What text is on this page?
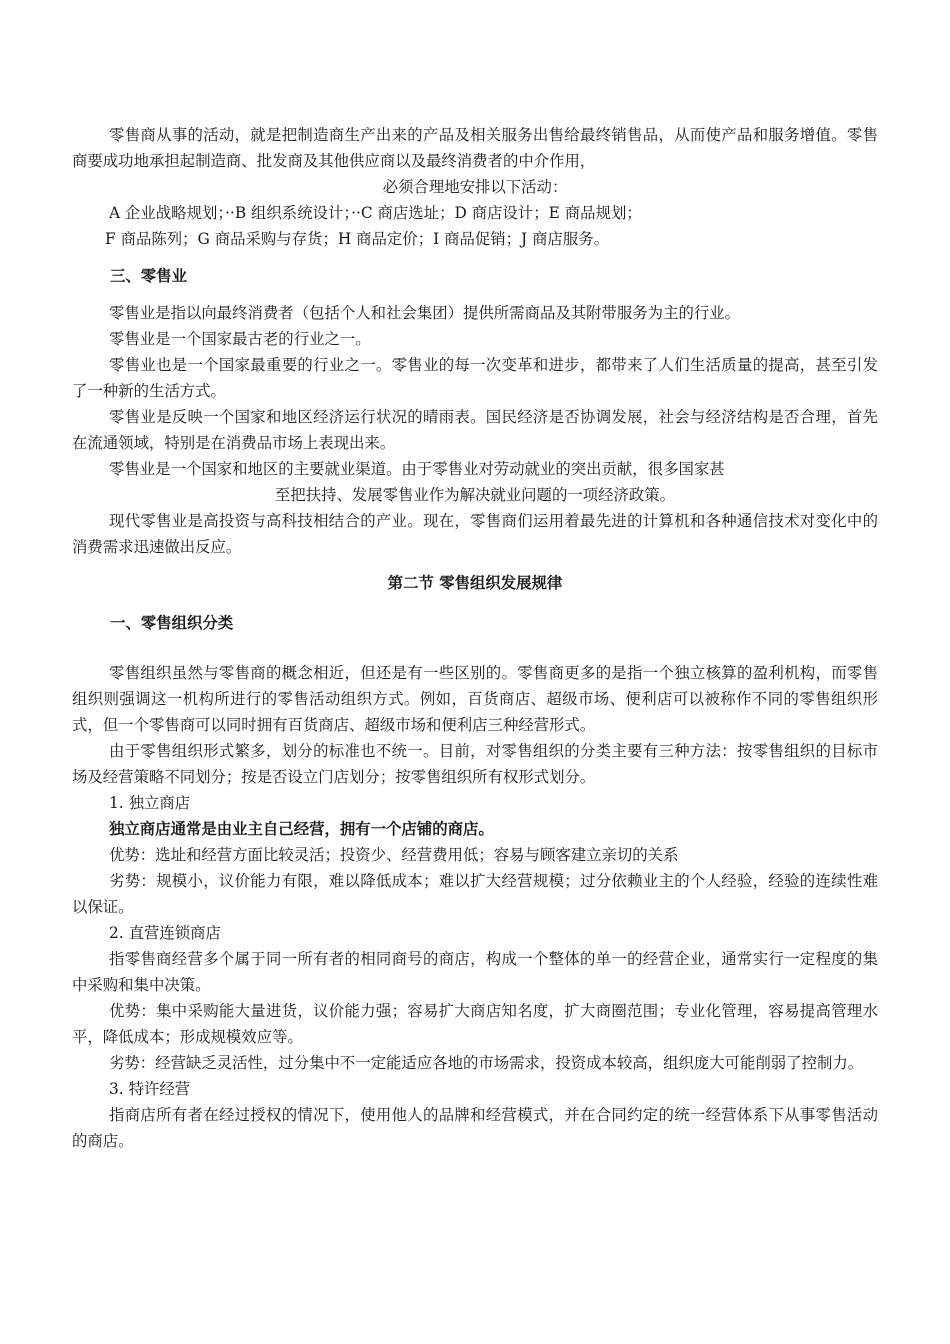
零售商从事的活动，就是把制造商生产出来的产品及相关服务出售给最终销售品，从而使产品和服务增值。零售商要成功地承担起制造商、批发商及其他供应商以及最终消费者的中介作用，

必须合理地安排以下活动：

A 企业战略规划；··B 组织系统设计；··C 商店选址；D 商店设计；E 商品规划；

F 商品陈列；G 商品采购与存货；H 商品定价；I 商品促销；J 商店服务。

三、零售业

零售业是指以向最终消费者（包括个人和社会集团）提供所需商品及其附带服务为主的行业。

零售业是一个国家最古老的行业之一。

零售业也是一个国家最重要的行业之一。零售业的每一次变革和进步，都带来了人们生活质量的提高，甚至引发了一种新的生活方式。

零售业是反映一个国家和地区经济运行状况的晴雨表。国民经济是否协调发展，社会与经济结构是否合理，首先在流通领域，特别是在消费品市场上表现出来。

零售业是一个国家和地区的主要就业渠道。由于零售业对劳动就业的突出贡献，很多国家甚

至把扶持、发展零售业作为解决就业问题的一项经济政策。

现代零售业是高投资与高科技相结合的产业。现在，零售商们运用着最先进的计算机和各种通信技术对变化中的消费需求迅速做出反应。

第二节 零售组织发展规律
一、零售组织分类

零售组织虽然与零售商的概念相近，但还是有一些区别的。零售商更多的是指一个独立核算的盈利机构，而零售组织则强调这一机构所进行的零售活动组织方式。例如，百货商店、超级市场、便利店可以被称作不同的零售组织形式，但一个零售商可以同时拥有百货商店、超级市场和便利店三种经营形式。

由于零售组织形式繁多，划分的标准也不统一。目前，对零售组织的分类主要有三种方法：按零售组织的目标市场及经营策略不同划分；按是否设立门店划分；按零售组织所有权形式划分。

1. 独立商店

独立商店通常是由业主自己经营，拥有一个店铺的商店。

优势：选址和经营方面比较灵活；投资少、经营费用低；容易与顾客建立亲切的关系

劣势：规模小，议价能力有限，难以降低成本；难以扩大经营规模；过分依赖业主的个人经验，经验的连续性难以保证。

2. 直营连锁商店

指零售商经营多个属于同一所有者的相同商号的商店，构成一个整体的单一的经营企业，通常实行一定程度的集中采购和集中决策。

优势：集中采购能大量进货，议价能力强；容易扩大商店知名度，扩大商圈范围；专业化管理，容易提高管理水平，降低成本；形成规模效应等。

劣势：经营缺乏灵活性，过分集中不一定能适应各地的市场需求，投资成本较高，组织庞大可能削弱了控制力。

3. 特许经营

指商店所有者在经过授权的情况下，使用他人的品牌和经营模式，并在合同约定的统一经营体系下从事零售活动的商店。
